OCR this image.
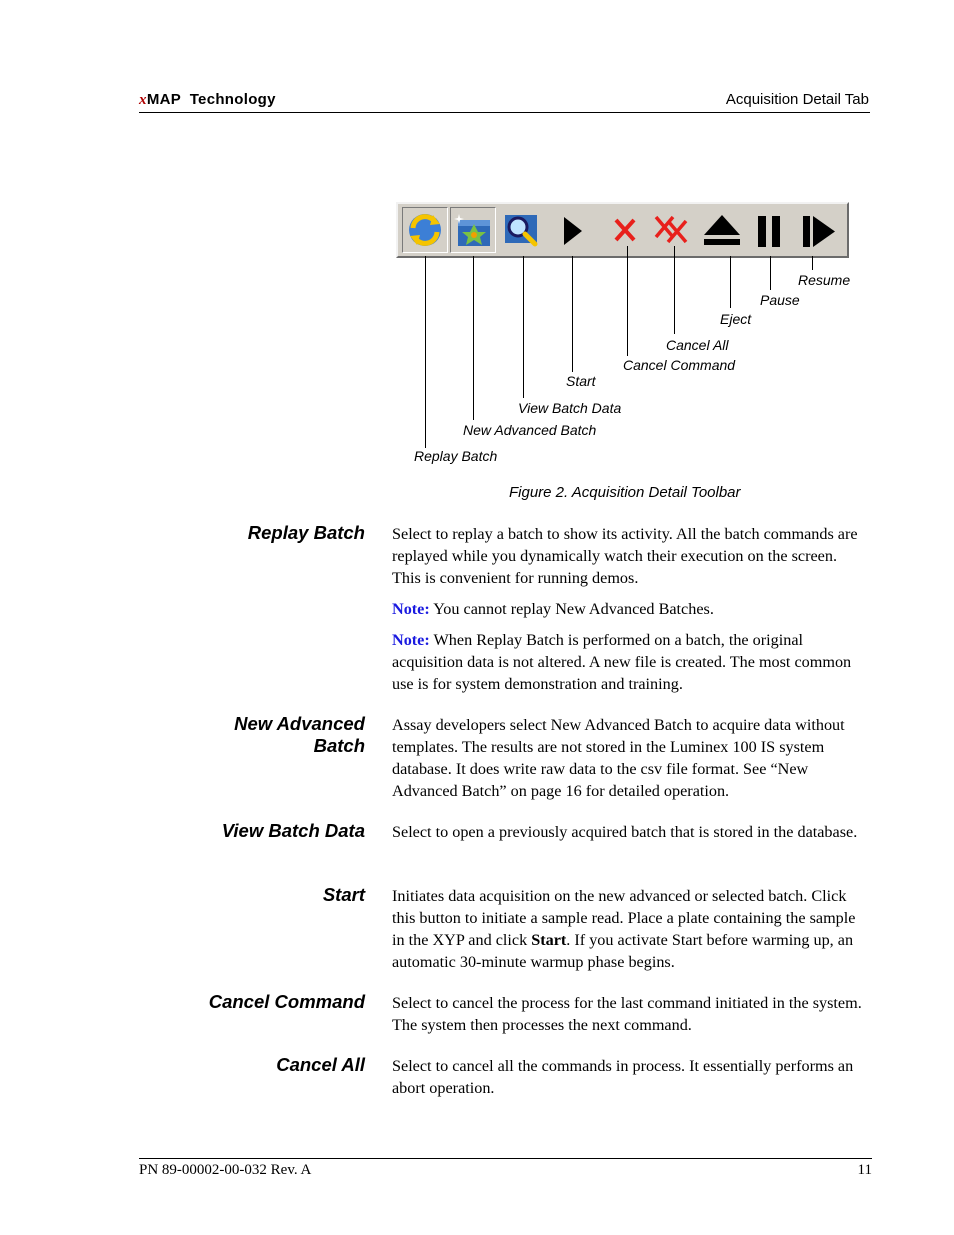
xMAP  Technology	Acquisition Detail Tab
Replay Batch
New Advanced Batch
View Batch Data
Start
Cancel Command
Cancel All
Eject
Pause
Resume
Figure 2. Acquisition Detail Toolbar
Replay Batch Select to replay a batch to show its activity. All the batch commands are replayed while you dynamically watch their execution on the screen. This is convenient for running demos.

Note: You cannot replay New Advanced Batches.

Note: When Replay Batch is performed on a batch, the original acquisition data is not altered. A new file is created. The most common use is for system demonstration and training.

New Advanced
Batch

Assay developers select New Advanced Batch to acquire data without templates. The results are not stored in the Luminex 100 IS system database. It does write raw data to the csv file format. See “New Advanced Batch” on page 16 for detailed operation.

View Batch Data Select to open a previously acquired batch that is stored in the database.

Start Initiates data acquisition on the new advanced or selected batch. Click this button to initiate a sample read. Place a plate containing the sample in the XYP and click Start. If you activate Start before warming up, an automatic 30-minute warmup phase begins.

Cancel Command Select to cancel the process for the last command initiated in the system. The system then processes the next command.

Cancel All Select to cancel all the commands in process. It essentially performs an abort operation.

PN 89-00002-00-032 Rev. A	11
